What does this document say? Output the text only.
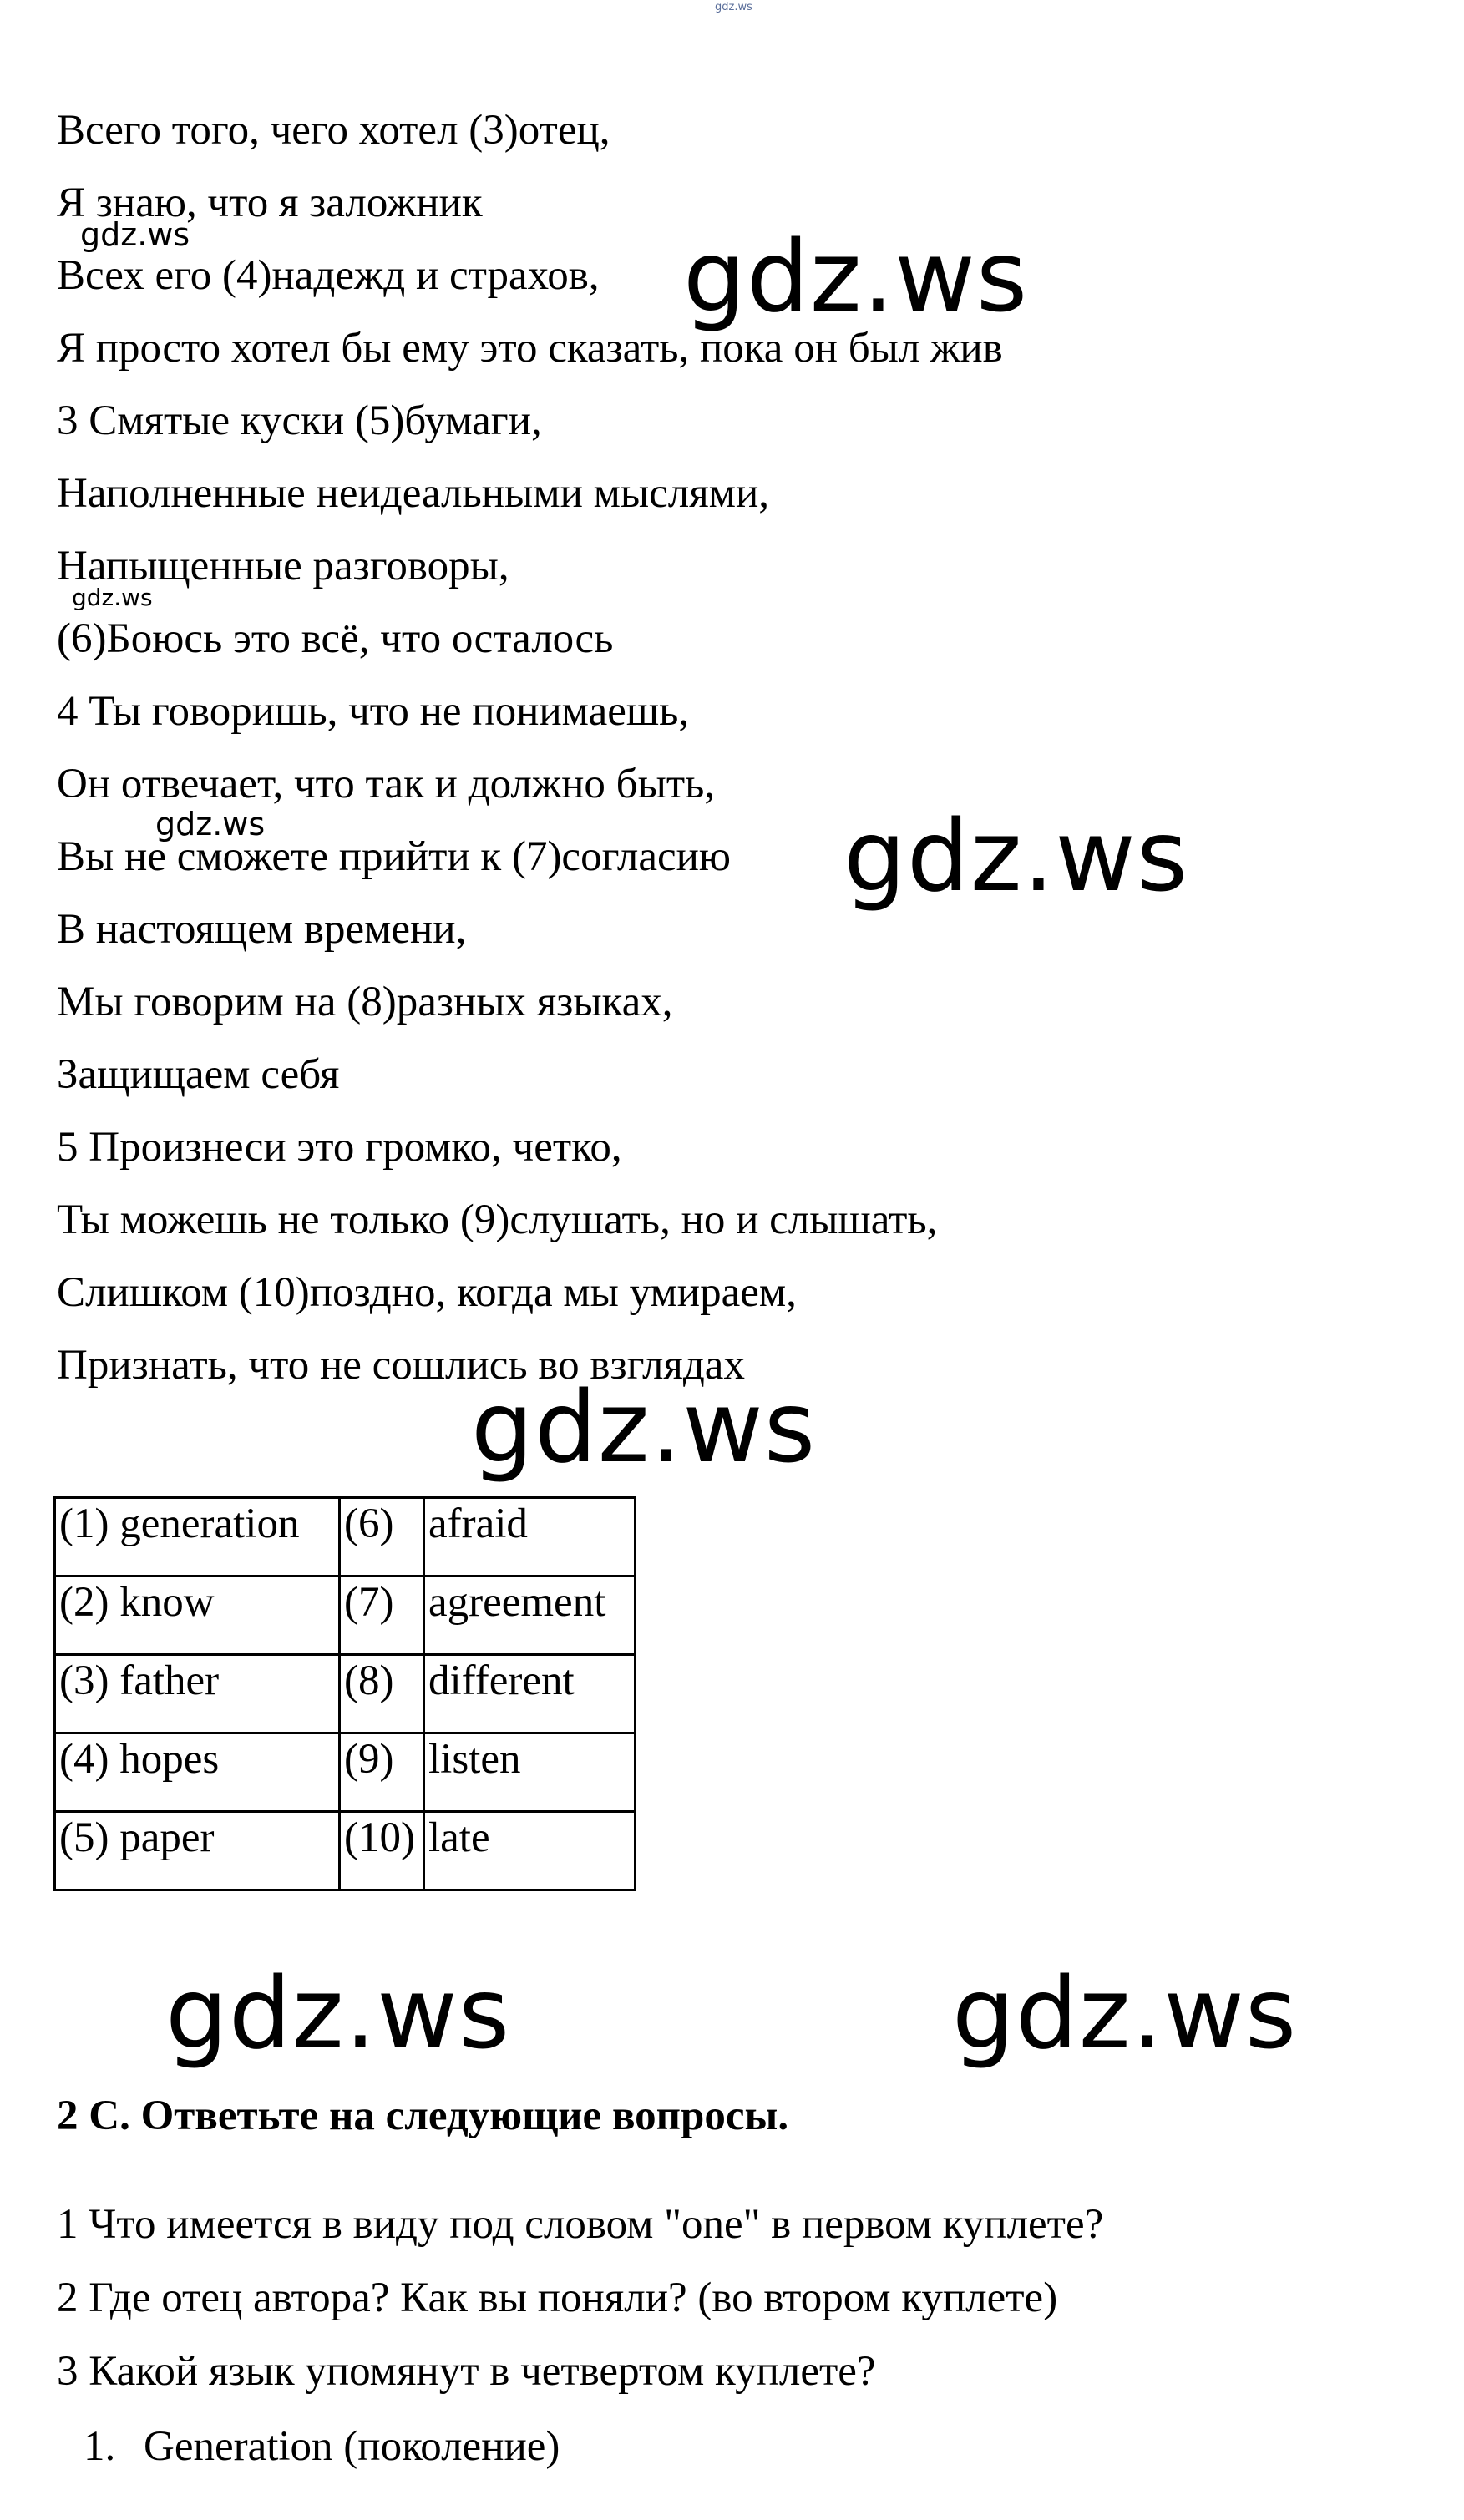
gdz.ws
Всего того, чего хотел (3)отец,
Я знаю, что я заложник
Всех его (4)надежд и страхов,
Я просто хотел бы ему это сказать, пока он был жив
3 Смятые куски (5)бумаги,
Наполненные неидеальными мыслями,
Напыщенные разговоры,
(6)Боюсь это всё, что осталось
4 Ты говоришь, что не понимаешь,
Он отвечает, что так и должно быть,
Вы не сможете прийти к (7)согласию
В настоящем времени,
Мы говорим на (8)разных языках,
Защищаем себя
5 Произнеси это громко, четко,
Ты можешь не только (9)слушать, но и слышать,
Слишком (10)поздно, когда мы умираем,
Признать, что не сошлись во взглядах
gdz.ws	gdz.ws
gdz.ws
gdz.ws	gdz.ws
gdz.ws
(1) generation	(6)	afraid
(2) know	(7)	agreement
(3) father	(8)	different
(4) hopes	(9)	listen
(5) paper	(10)	late
gdz.ws	gdz.ws
2 C. Ответьте на следующие вопросы.
1 Что имеется в виду под словом "one" в первом куплете?
2 Где отец автора? Как вы поняли? (во втором куплете)
3 Какой язык упомянут в четвертом куплете?
1. Generation (поколение)
